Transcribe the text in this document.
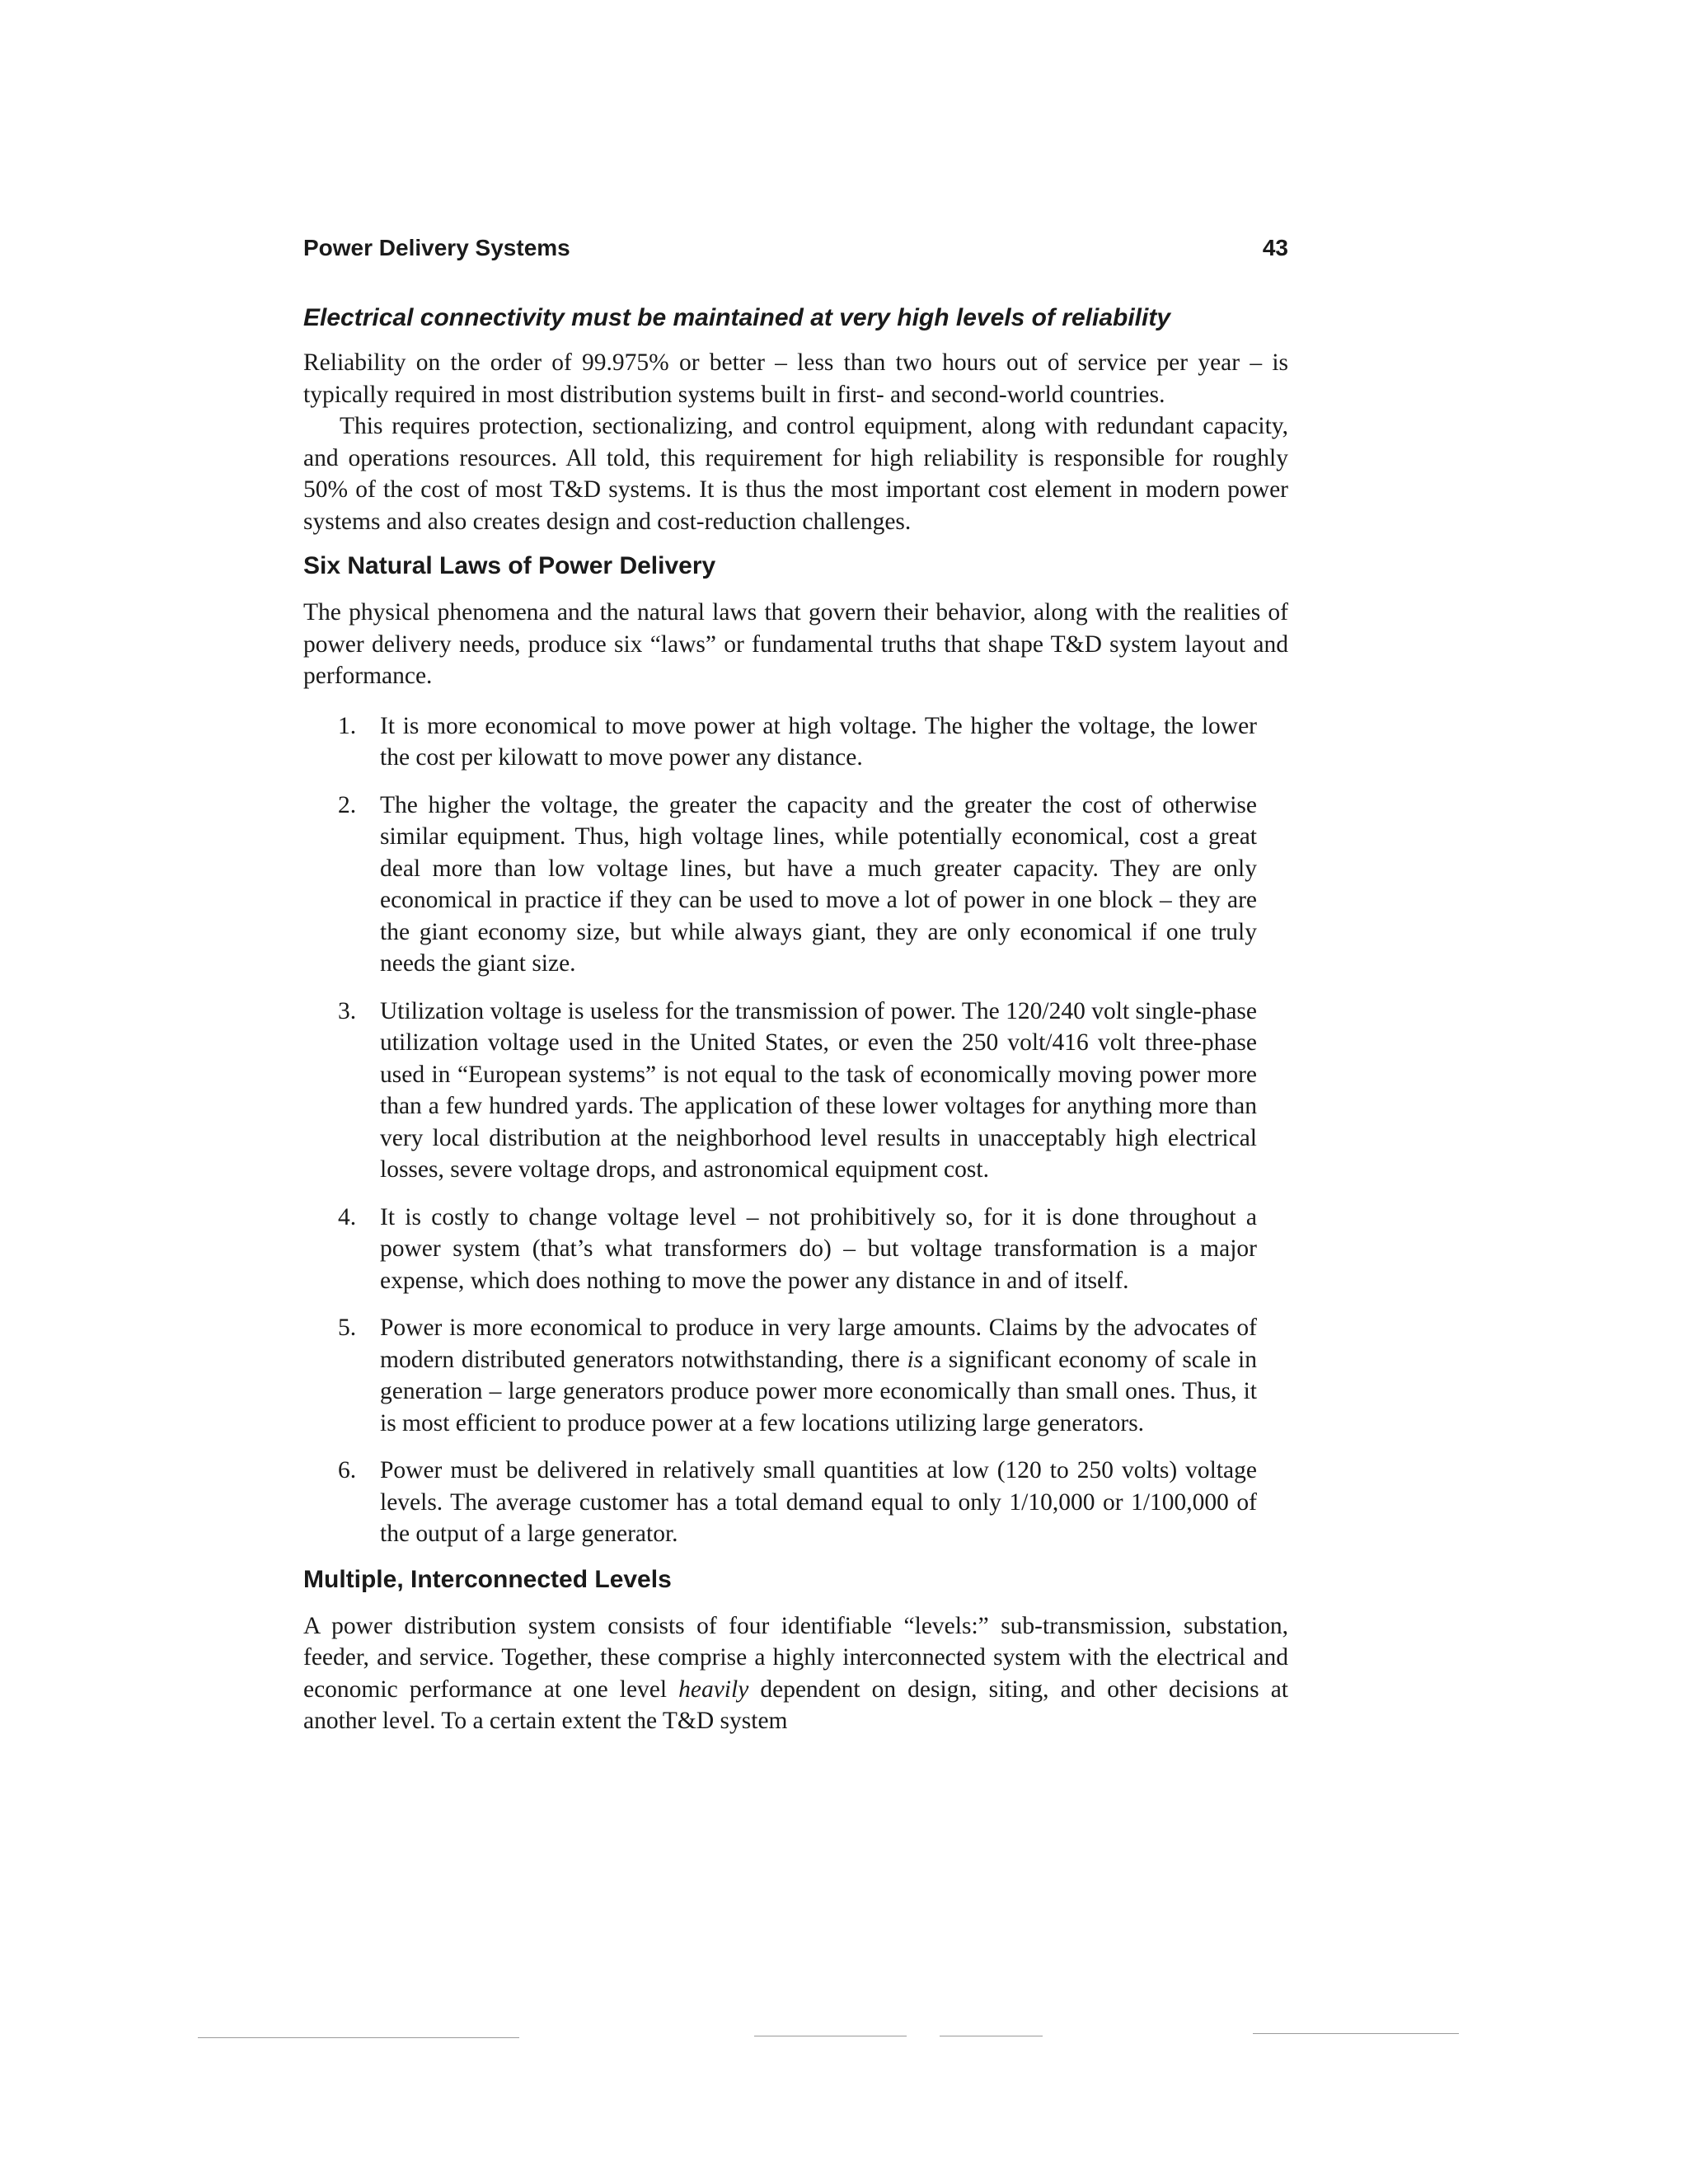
Power Delivery Systems	43
Electrical connectivity must be maintained at very high levels of reliability

Reliability on the order of 99.975% or better – less than two hours out of service per year – is typically required in most distribution systems built in first- and second-world countries.

This requires protection, sectionalizing, and control equipment, along with redundant capacity, and operations resources. All told, this requirement for high reliability is responsible for roughly 50% of the cost of most T&D systems. It is thus the most important cost element in modern power systems and also creates design and cost-reduction challenges.

Six Natural Laws of Power Delivery

The physical phenomena and the natural laws that govern their behavior, along with the realities of power delivery needs, produce six “laws” or fundamental truths that shape T&D system layout and performance.

1. It is more economical to move power at high voltage. The higher the voltage, the lower the cost per kilowatt to move power any distance.
2. The higher the voltage, the greater the capacity and the greater the cost of otherwise similar equipment. Thus, high voltage lines, while potentially economical, cost a great deal more than low voltage lines, but have a much greater capacity. They are only economical in practice if they can be used to move a lot of power in one block – they are the giant economy size, but while always giant, they are only economical if one truly needs the giant size.
3. Utilization voltage is useless for the transmission of power. The 120/240 volt single-phase utilization voltage used in the United States, or even the 250 volt/416 volt three-phase used in “European systems” is not equal to the task of economically moving power more than a few hundred yards. The application of these lower voltages for anything more than very local distribution at the neighborhood level results in unacceptably high electrical losses, severe voltage drops, and astronomical equipment cost.
4. It is costly to change voltage level – not prohibitively so, for it is done throughout a power system (that’s what transformers do) – but voltage transformation is a major expense, which does nothing to move the power any distance in and of itself.
5. Power is more economical to produce in very large amounts. Claims by the advocates of modern distributed generators notwithstanding, there is a significant economy of scale in generation – large generators produce power more economically than small ones. Thus, it is most efficient to produce power at a few locations utilizing large generators.
6. Power must be delivered in relatively small quantities at low (120 to 250 volts) voltage levels. The average customer has a total demand equal to only 1/10,000 or 1/100,000 of the output of a large generator.
Multiple, Interconnected Levels

A power distribution system consists of four identifiable “levels:” sub-transmission, substation, feeder, and service. Together, these comprise a highly interconnected system with the electrical and economic performance at one level heavily dependent on design, siting, and other decisions at another level. To a certain extent the T&D system
